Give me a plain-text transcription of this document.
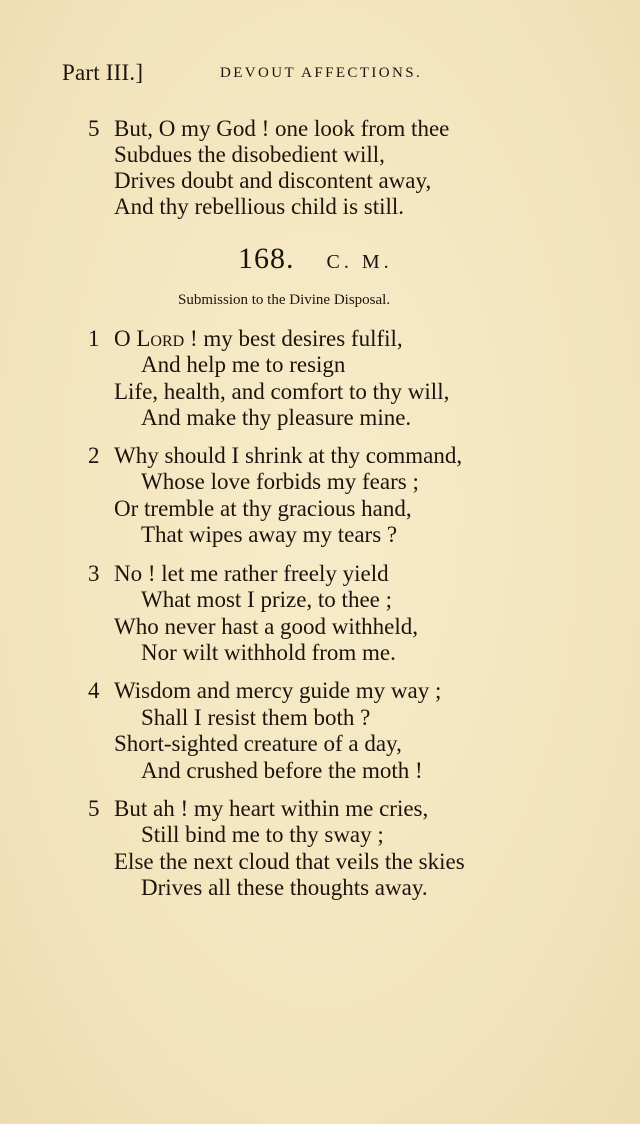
Part III.]	DEVOUT AFFECTIONS.
5 But, O my God ! one look from thee
Subdues the disobedient will,
Drives doubt and discontent away,
And thy rebellious child is still.
168. C. M.
Submission to the Divine Disposal.
1 O Lord ! my best desires fulfil,
And help me to resign
Life, health, and comfort to thy will,
And make thy pleasure mine.
2 Why should I shrink at thy command,
Whose love forbids my fears ;
Or tremble at thy gracious hand,
That wipes away my tears ?
3 No ! let me rather freely yield
What most I prize, to thee ;
Who never hast a good withheld,
Nor wilt withhold from me.
4 Wisdom and mercy guide my way ;
Shall I resist them both ?
Short-sighted creature of a day,
And crushed before the moth !
5 But ah ! my heart within me cries,
Still bind me to thy sway ;
Else the next cloud that veils the skies
Drives all these thoughts away.
